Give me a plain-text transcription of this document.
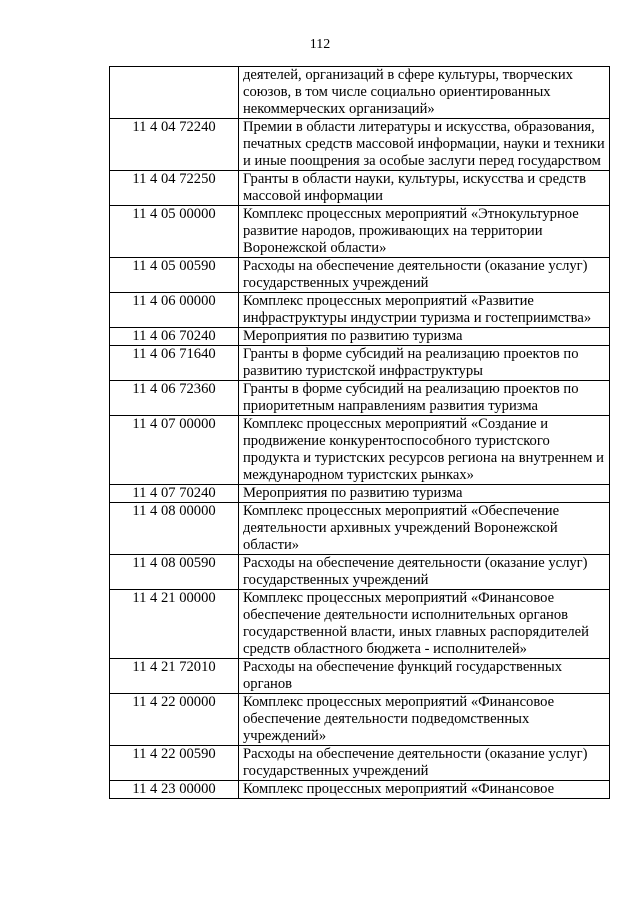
112
	деятелей, организаций в сфере культуры, творческих союзов, в том числе социально ориентированных некоммерческих организаций»
11 4 04 72240	Премии в области литературы и искусства, образования, печатных средств массовой информации, науки и техники и иные поощрения за особые заслуги перед государством
11 4 04 72250	Гранты в области науки, культуры, искусства и средств массовой информации
11 4 05 00000	Комплекс процессных мероприятий «Этнокультурное развитие народов, проживающих на территории Воронежской области»
11 4 05 00590	Расходы на обеспечение деятельности (оказание услуг) государственных учреждений
11 4 06 00000	Комплекс процессных мероприятий «Развитие инфраструктуры индустрии туризма и гостеприимства»
11 4 06 70240	Мероприятия по развитию туризма
11 4 06 71640	Гранты в форме субсидий на реализацию проектов по развитию туристской инфраструктуры
11 4 06 72360	Гранты в форме субсидий на реализацию проектов по приоритетным направлениям развития туризма
11 4 07 00000	Комплекс процессных мероприятий «Создание и продвижение конкурентоспособного туристского продукта и туристских ресурсов региона на внутреннем и международном туристских рынках»
11 4 07 70240	Мероприятия по развитию туризма
11 4 08 00000	Комплекс процессных мероприятий «Обеспечение деятельности архивных учреждений Воронежской области»
11 4 08 00590	Расходы на обеспечение деятельности (оказание услуг) государственных учреждений
11 4 21 00000	Комплекс процессных мероприятий «Финансовое обеспечение деятельности исполнительных органов государственной власти, иных главных распорядителей средств областного бюджета - исполнителей»
11 4 21 72010	Расходы на обеспечение функций государственных органов
11 4 22 00000	Комплекс процессных мероприятий «Финансовое обеспечение деятельности подведомственных учреждений»
11 4 22 00590	Расходы на обеспечение деятельности (оказание услуг) государственных учреждений
11 4 23 00000	Комплекс процессных мероприятий «Финансовое
